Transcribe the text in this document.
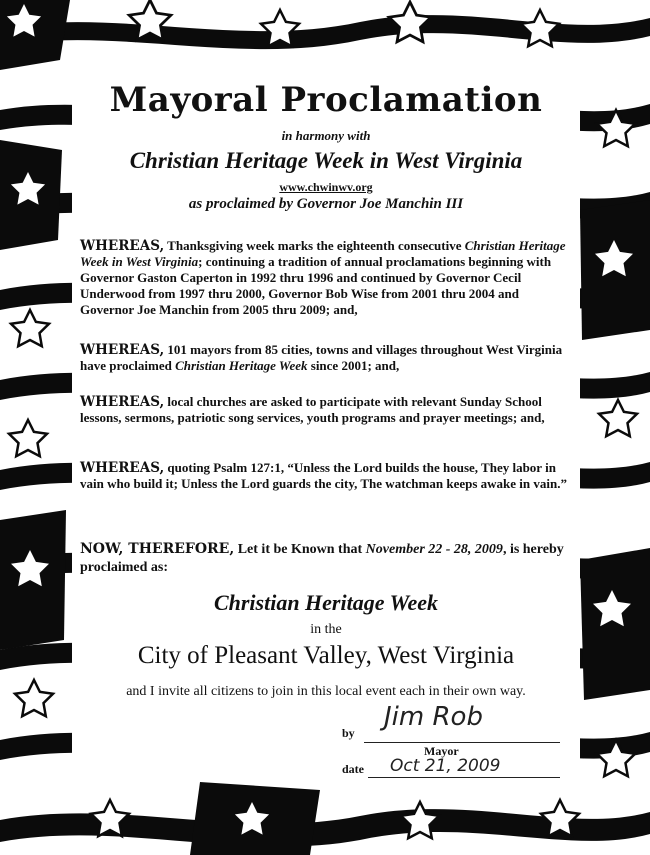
Mayoral Proclamation
in harmony with
Christian Heritage Week in West Virginia
www.chwinwv.org
as proclaimed by Governor Joe Manchin III
WHEREAS, Thanksgiving week marks the eighteenth consecutive Christian Heritage Week in West Virginia; continuing a tradition of annual proclamations beginning with Governor Gaston Caperton in 1992 thru 1996 and continued by Governor Cecil Underwood from 1997 thru 2000, Governor Bob Wise from 2001 thru 2004 and Governor Joe Manchin from 2005 thru 2009; and,
WHEREAS, 101 mayors from 85 cities, towns and villages throughout West Virginia have proclaimed Christian Heritage Week since 2001; and,
WHEREAS, local churches are asked to participate with relevant Sunday School lessons, sermons, patriotic song services, youth programs and prayer meetings; and,
WHEREAS, quoting Psalm 127:1, “Unless the Lord builds the house, They labor in vain who build it; Unless the Lord guards the city, The watchman keeps awake in vain.”
NOW, THEREFORE, Let it be Known that November 22 - 28, 2009, is hereby proclaimed as:
Christian Heritage Week
in the
City of Pleasant Valley, West Virginia
and I invite all citizens to join in this local event each in their own way.
by
Jim Rob
Mayor
date Oct 21, 2009
